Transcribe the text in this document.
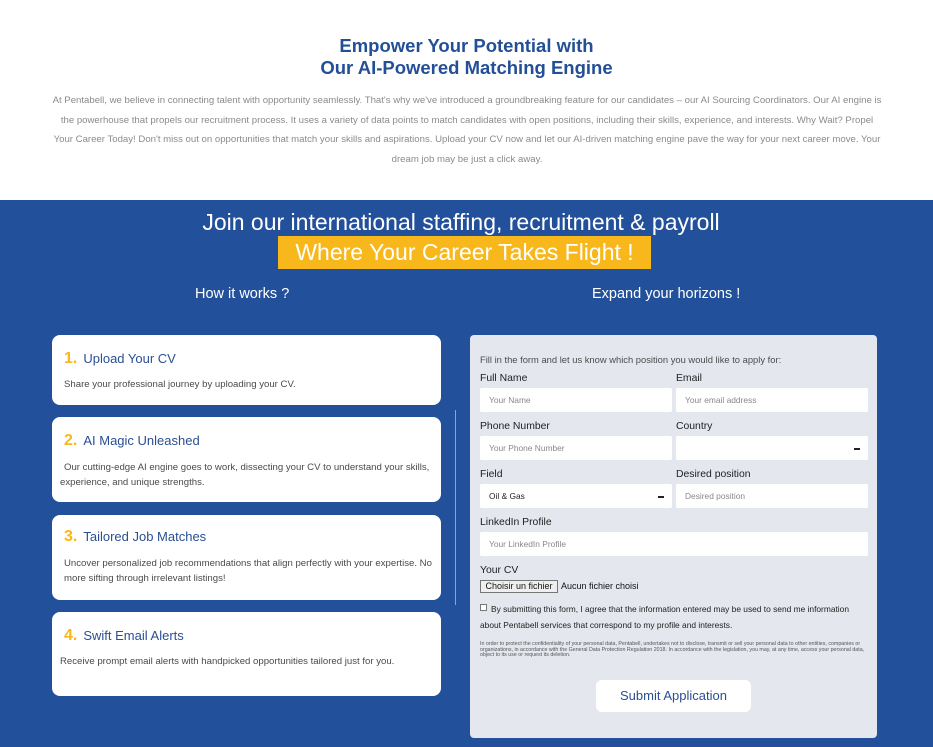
Empower Your Potential with
Our AI-Powered Matching Engine

At Pentabell, we believe in connecting talent with opportunity seamlessly. That's why we've introduced a groundbreaking feature for our candidates – our AI Sourcing Coordinators. Our AI engine is the powerhouse that propels our recruitment process. It uses a variety of data points to match candidates with open positions, including their skills, experience, and interests. Why Wait? Propel Your Career Today! Don't miss out on opportunities that match your skills and aspirations. Upload your CV now and let our AI-driven matching engine pave the way for your next career move. Your dream job may be just a click away.

Join our international staffing, recruitment & payroll
Where Your Career Takes Flight !
How it works ?	Expand your horizons !
1. Upload Your CV
Share your professional journey by uploading your CV.
2. AI Magic Unleashed
Our cutting-edge AI engine goes to work, dissecting your CV to understand your skills, experience, and unique strengths.
3. Tailored Job Matches
Uncover personalized job recommendations that align perfectly with your expertise. No more sifting through irrelevant listings!
4. Swift Email Alerts
Receive prompt email alerts with handpicked opportunities tailored just for you.
Fill in the form and let us know which position you would like to apply for:
Full Name	Email
Your Name	Your email address
Phone Number	Country
Your Phone Number
Field	Desired position
Oil & Gas	Desired position
LinkedIn Profile
Your LinkedIn Profile
Your CV
Choisir un fichier Aucun fichier choisi
By submitting this form, I agree that the information entered may be used to send me information about Pentabell services that correspond to my profile and interests.
In order to protect the confidentiality of your personal data, Pentabell, undertakes not to disclose, transmit or sell your personal data to other entities, companies or organizations, in accordance with the General Data Protection Regulation 2018. In accordance with the legislation, you may, at any time, access your personal data, object to its use or request its deletion.
Submit Application
